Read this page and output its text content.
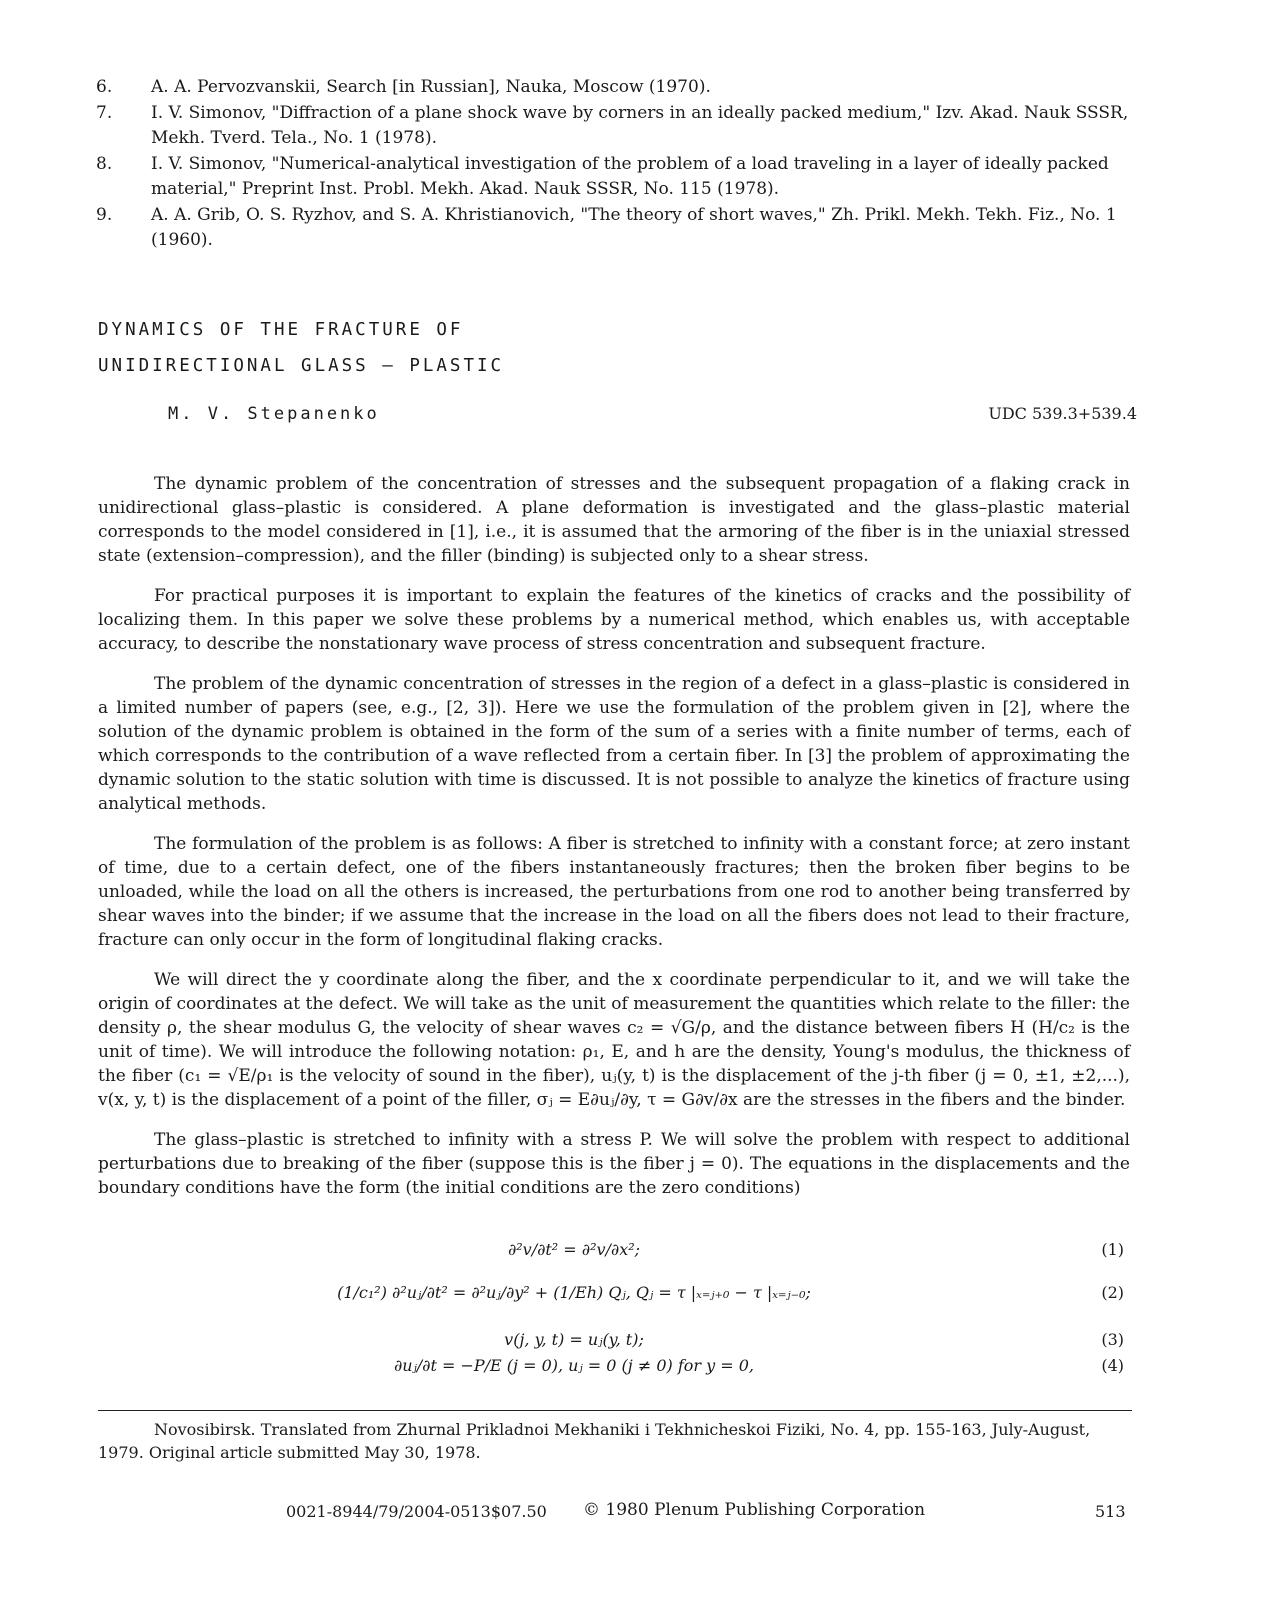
6.	A. A. Pervozvanskii, Search [in Russian], Nauka, Moscow (1970).
7.	I. V. Simonov, "Diffraction of a plane shock wave by corners in an ideally packed medium," Izv. Akad. Nauk SSSR, Mekh. Tverd. Tela., No. 1 (1978).
8.	I. V. Simonov, "Numerical-analytical investigation of the problem of a load traveling in a layer of ideally packed material," Preprint Inst. Probl. Mekh. Akad. Nauk SSSR, No. 115 (1978).
9.	A. A. Grib, O. S. Ryzhov, and S. A. Khristianovich, "The theory of short waves," Zh. Prikl. Mekh. Tekh. Fiz., No. 1 (1960).
DYNAMICS OF THE FRACTURE OF
UNIDIRECTIONAL GLASS – PLASTIC
M. V. Stepanenko	UDC 539.3+539.4

The dynamic problem of the concentration of stresses and the subsequent propagation of a flaking crack in unidirectional glass–plastic is considered. A plane deformation is investigated and the glass–plastic material corresponds to the model considered in [1], i.e., it is assumed that the armoring of the fiber is in the uniaxial stressed state (extension–compression), and the filler (binding) is subjected only to a shear stress.

For practical purposes it is important to explain the features of the kinetics of cracks and the possibility of localizing them. In this paper we solve these problems by a numerical method, which enables us, with acceptable accuracy, to describe the nonstationary wave process of stress concentration and subsequent fracture.

The problem of the dynamic concentration of stresses in the region of a defect in a glass–plastic is considered in a limited number of papers (see, e.g., [2, 3]). Here we use the formulation of the problem given in [2], where the solution of the dynamic problem is obtained in the form of the sum of a series with a finite number of terms, each of which corresponds to the contribution of a wave reflected from a certain fiber. In [3] the problem of approximating the dynamic solution to the static solution with time is discussed. It is not possible to analyze the kinetics of fracture using analytical methods.

The formulation of the problem is as follows: A fiber is stretched to infinity with a constant force; at zero instant of time, due to a certain defect, one of the fibers instantaneously fractures; then the broken fiber begins to be unloaded, while the load on all the others is increased, the perturbations from one rod to another being transferred by shear waves into the binder; if we assume that the increase in the load on all the fibers does not lead to their fracture, fracture can only occur in the form of longitudinal flaking cracks.

We will direct the y coordinate along the fiber, and the x coordinate perpendicular to it, and we will take the origin of coordinates at the defect. We will take as the unit of measurement the quantities which relate to the filler: the density ρ, the shear modulus G, the velocity of shear waves c₂ = √G/ρ, and the distance between fibers H (H/c₂ is the unit of time). We will introduce the following notation: ρ₁, E, and h are the density, Young's modulus, the thickness of the fiber (c₁ = √E/ρ₁ is the velocity of sound in the fiber), uⱼ(y, t) is the displacement of the j-th fiber (j = 0, ±1, ±2,...), v(x, y, t) is the displacement of a point of the filler, σⱼ = E∂uⱼ/∂y, τ = G∂v/∂x are the stresses in the fibers and the binder.

The glass–plastic is stretched to infinity with a stress P. We will solve the problem with respect to additional perturbations due to breaking of the fiber (suppose this is the fiber j = 0). The equations in the displacements and the boundary conditions have the form (the initial conditions are the zero conditions)

∂²v/∂t² = ∂²v/∂x²;	(1)
(1/c₁²) ∂²uⱼ/∂t² = ∂²uⱼ/∂y² + (1/Eh) Qⱼ, Qⱼ = τ |ₓ₌ⱼ₊₀ − τ |ₓ₌ⱼ₋₀;	(2)
v(j, y, t) = uⱼ(y, t);	(3)
∂uⱼ/∂t = −P/E (j = 0), uⱼ = 0 (j ≠ 0) for y = 0,	(4)
Novosibirsk. Translated from Zhurnal Prikladnoi Mekhaniki i Tekhnicheskoi Fiziki, No. 4, pp. 155-163, July-August, 1979. Original article submitted May 30, 1978.
0021-8944/79/2004-0513$07.50 © 1980 Plenum Publishing Corporation	513
